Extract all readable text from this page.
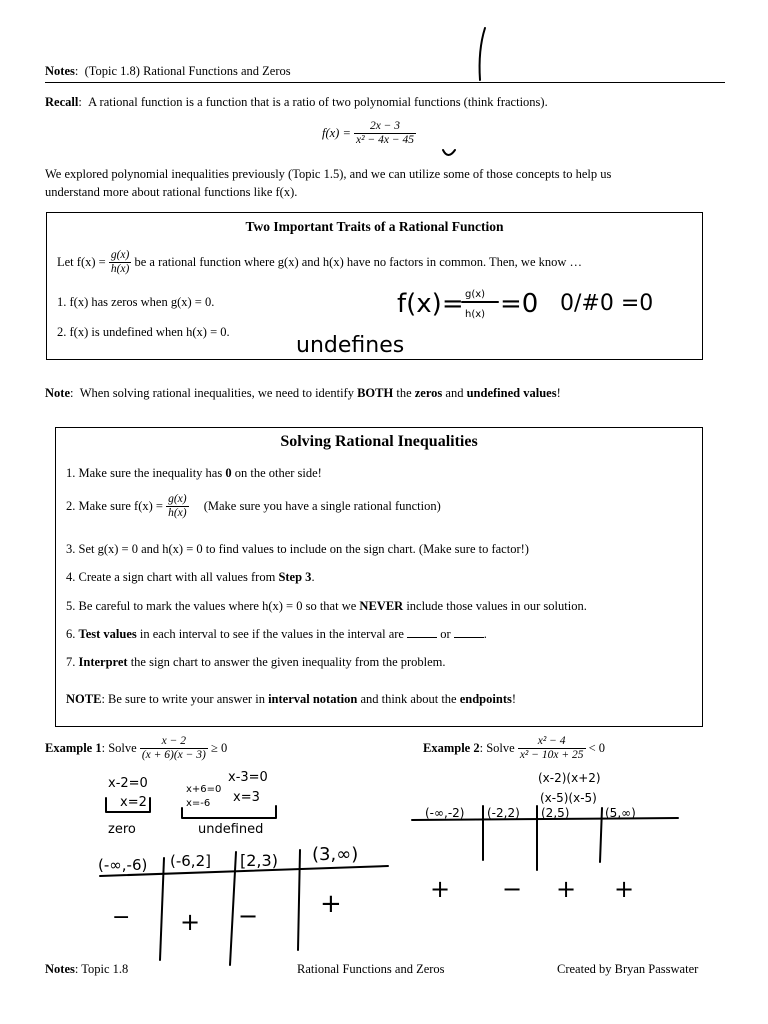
Notes:  (Topic 1.8) Rational Functions and Zeros
Recall:  A rational function is a function that is a ratio of two polynomial functions (think fractions).
$f(x) = \frac{2x - 3}{\text{x² − 4x − 45}}$
We explored polynomial inequalities previously (Topic 1.5), and we can utilize some of those concepts to help us
understand more about rational functions like f(x).
Two Important Traits of a Rational Function
Let $f(x) = \frac{g(x)}{h(x)}$ be a rational function where g(x) and h(x) have no factors in common. Then, we know …
1. f(x) has zeros when g(x) = 0.
2. f(x) is undefined when h(x) = 0.
Note:  When solving rational inequalities, we need to identify BOTH the zeros and undefined values!
Solving Rational Inequalities
1. Make sure the inequality has 0 on the other side!
2. Make sure $f(x) = \frac{g(x)}{h(x)}$ (Make sure you have a single rational function)
3. Set g(x) = 0 and h(x) = 0 to find values to include on the sign chart. (Make sure to factor!)
4. Create a sign chart with all values from Step 3.
5. Be careful to mark the values where h(x) = 0 so that we NEVER include those values in our solution.
6. Test values in each interval to see if the values in the interval are	or	.
7. Interpret the sign chart to answer the given inequality from the problem.
NOTE: Be sure to write your answer in interval notation and think about the endpoints!
Example 1: Solve $\frac{x - 2}{(x + 6)(x - 3)} \ge 0$	Example 2: Solve $\frac{\text{x² − 4}}{\text{x² − 10x + 25}} < 0$
f(x)= g(x)
h(x) =0 0/#0 =0
undefines
x-2=0
x=2
zero
x+6=0
x=-6
x-3=0
x=3
undefined
(-∞,-6) (-6,2] [2,3) (3,∞)
− + − +
(x-2)(x+2)
(x-5)(x-5)
(-∞,-2) (-2,2) (2,5)	(5,∞)
+ − + +
Notes: Topic 1.8	Rational Functions and Zeros	Created by Bryan Passwater
